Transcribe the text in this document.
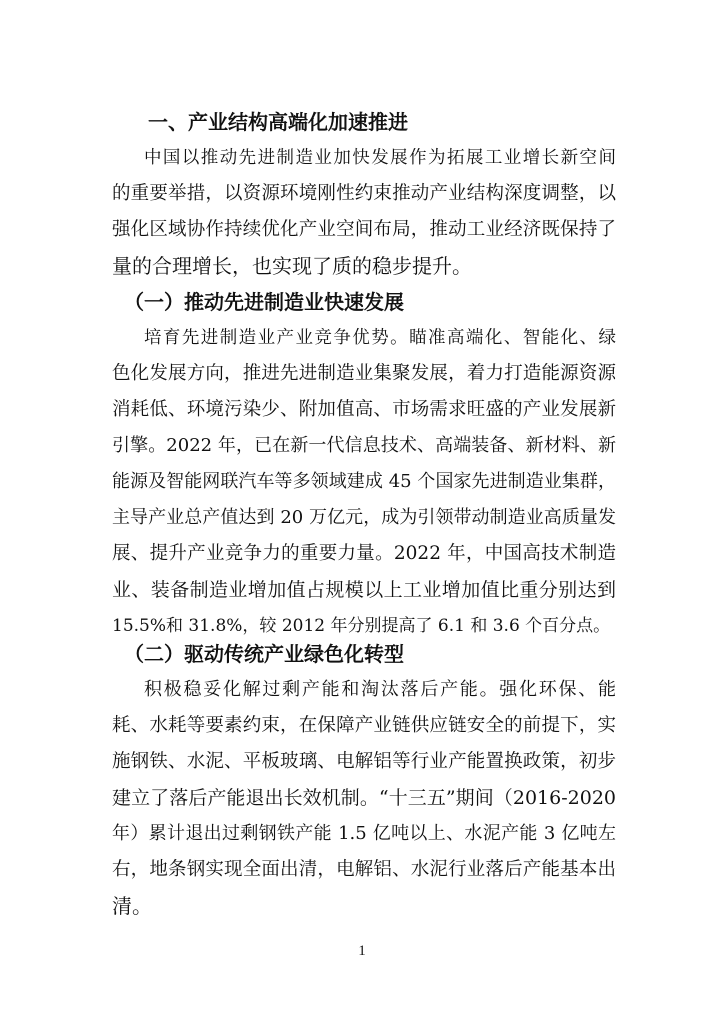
一、产业结构高端化加速推进
中国以推动先进制造业加快发展作为拓展工业增长新空间
的重要举措，以资源环境刚性约束推动产业结构深度调整，以
强化区域协作持续优化产业空间布局，推动工业经济既保持了
量的合理增长，也实现了质的稳步提升。
（一）推动先进制造业快速发展
培育先进制造业产业竞争优势。瞄准高端化、智能化、绿
色化发展方向，推进先进制造业集聚发展，着力打造能源资源
消耗低、环境污染少、附加值高、市场需求旺盛的产业发展新
引擎。2022 年，已在新一代信息技术、高端装备、新材料、新
能源及智能网联汽车等多领域建成 45 个国家先进制造业集群，
主导产业总产值达到 20 万亿元，成为引领带动制造业高质量发
展、提升产业竞争力的重要力量。2022 年，中国高技术制造
业、装备制造业增加值占规模以上工业增加值比重分别达到
15.5%和 31.8%，较 2012 年分别提高了 6.1 和 3.6 个百分点。
（二）驱动传统产业绿色化转型
积极稳妥化解过剩产能和淘汰落后产能。强化环保、能
耗、水耗等要素约束，在保障产业链供应链安全的前提下，实
施钢铁、水泥、平板玻璃、电解铝等行业产能置换政策，初步
建立了落后产能退出长效机制。“十三五”期间（2016-2020
年）累计退出过剩钢铁产能 1.5 亿吨以上、水泥产能 3 亿吨左
右，地条钢实现全面出清，电解铝、水泥行业落后产能基本出
清。
1
